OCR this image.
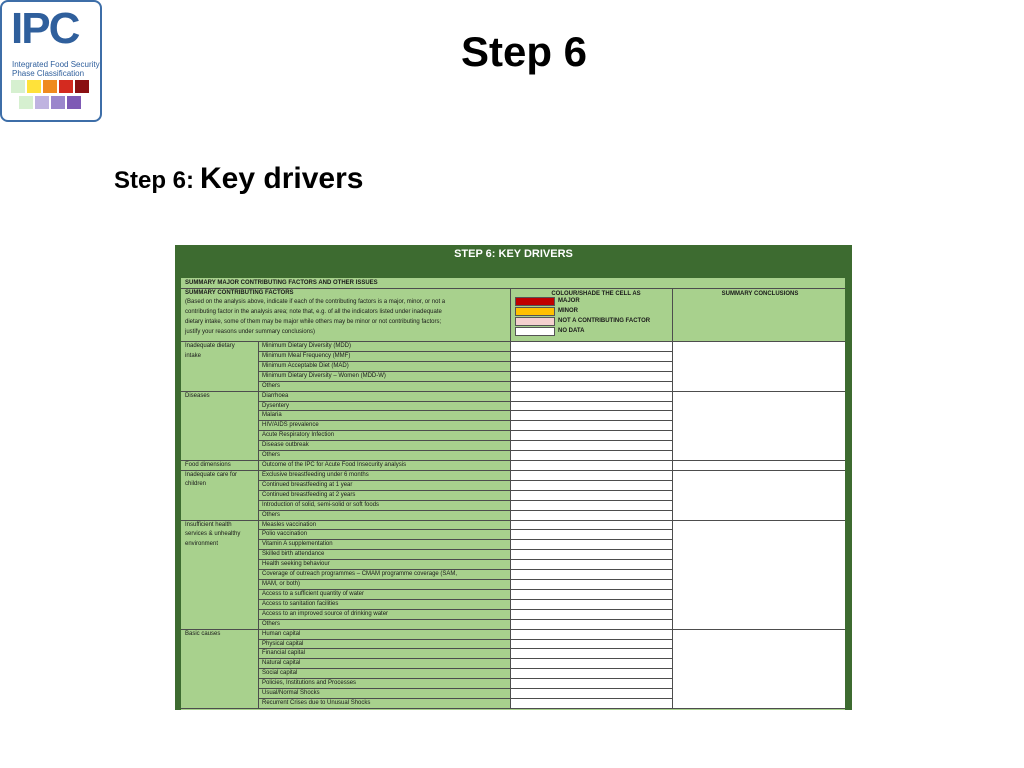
IPC
Integrated Food Security
Phase Classification	Step 6
Step 6: Key drivers
STEP 6: KEY DRIVERS
SUMMARY MAJOR CONTRIBUTING FACTORS AND OTHER ISSUES
SUMMARY CONTRIBUTING FACTORS
(Based on the analysis above, indicate if each of the contributing factors is a major, minor, or not a
contributing factor in the analysis area; note that, e.g. of all the indicators listed under inadequate
dietary intake, some of them may be major while others may be minor or not contributing factors;
justify your reasons under summary conclusions)
COLOUR/SHADE THE CELL AS	SUMMARY CONCLUSIONS
MAJOR
MINOR
NOT A CONTRIBUTING FACTOR
NO DATA
Minimum Dietary Diversity (MDD)
Minimum Meal Frequency (MMF)
Minimum Acceptable Diet (MAD)
Minimum Dietary Diversity – Women (MDD-W)
Others
Diarrhoea
Dysentery
Malaria
HIV/AIDS prevalence
Acute Respiratory Infection
Disease outbreak
Others
Outcome of the IPC for Acute Food Insecurity analysis
Exclusive breastfeeding under 6 months
Continued breastfeeding at 1 year
Continued breastfeeding at 2 years
Introduction of solid, semi-solid or soft foods
Others
Measles vaccination
Polio vaccination
Vitamin A supplementation
Skilled birth attendance
Health seeking behaviour
Coverage of outreach programmes – CMAM programme coverage (SAM,
MAM, or both)
Access to a sufficient quantity of water
Access to sanitation facilities
Access to an improved source of drinking water
Others
Human capital
Physical capital
Financial capital
Natural capital
Social capital
Policies, Institutions and Processes
Usual/Normal Shocks
Recurrent Crises due to Unusual Shocks
Inadequate dietary
intake
Diseases
Food dimensions
Inadequate care for
children
Insufficient health
services & unhealthy
environment
Basic causes
